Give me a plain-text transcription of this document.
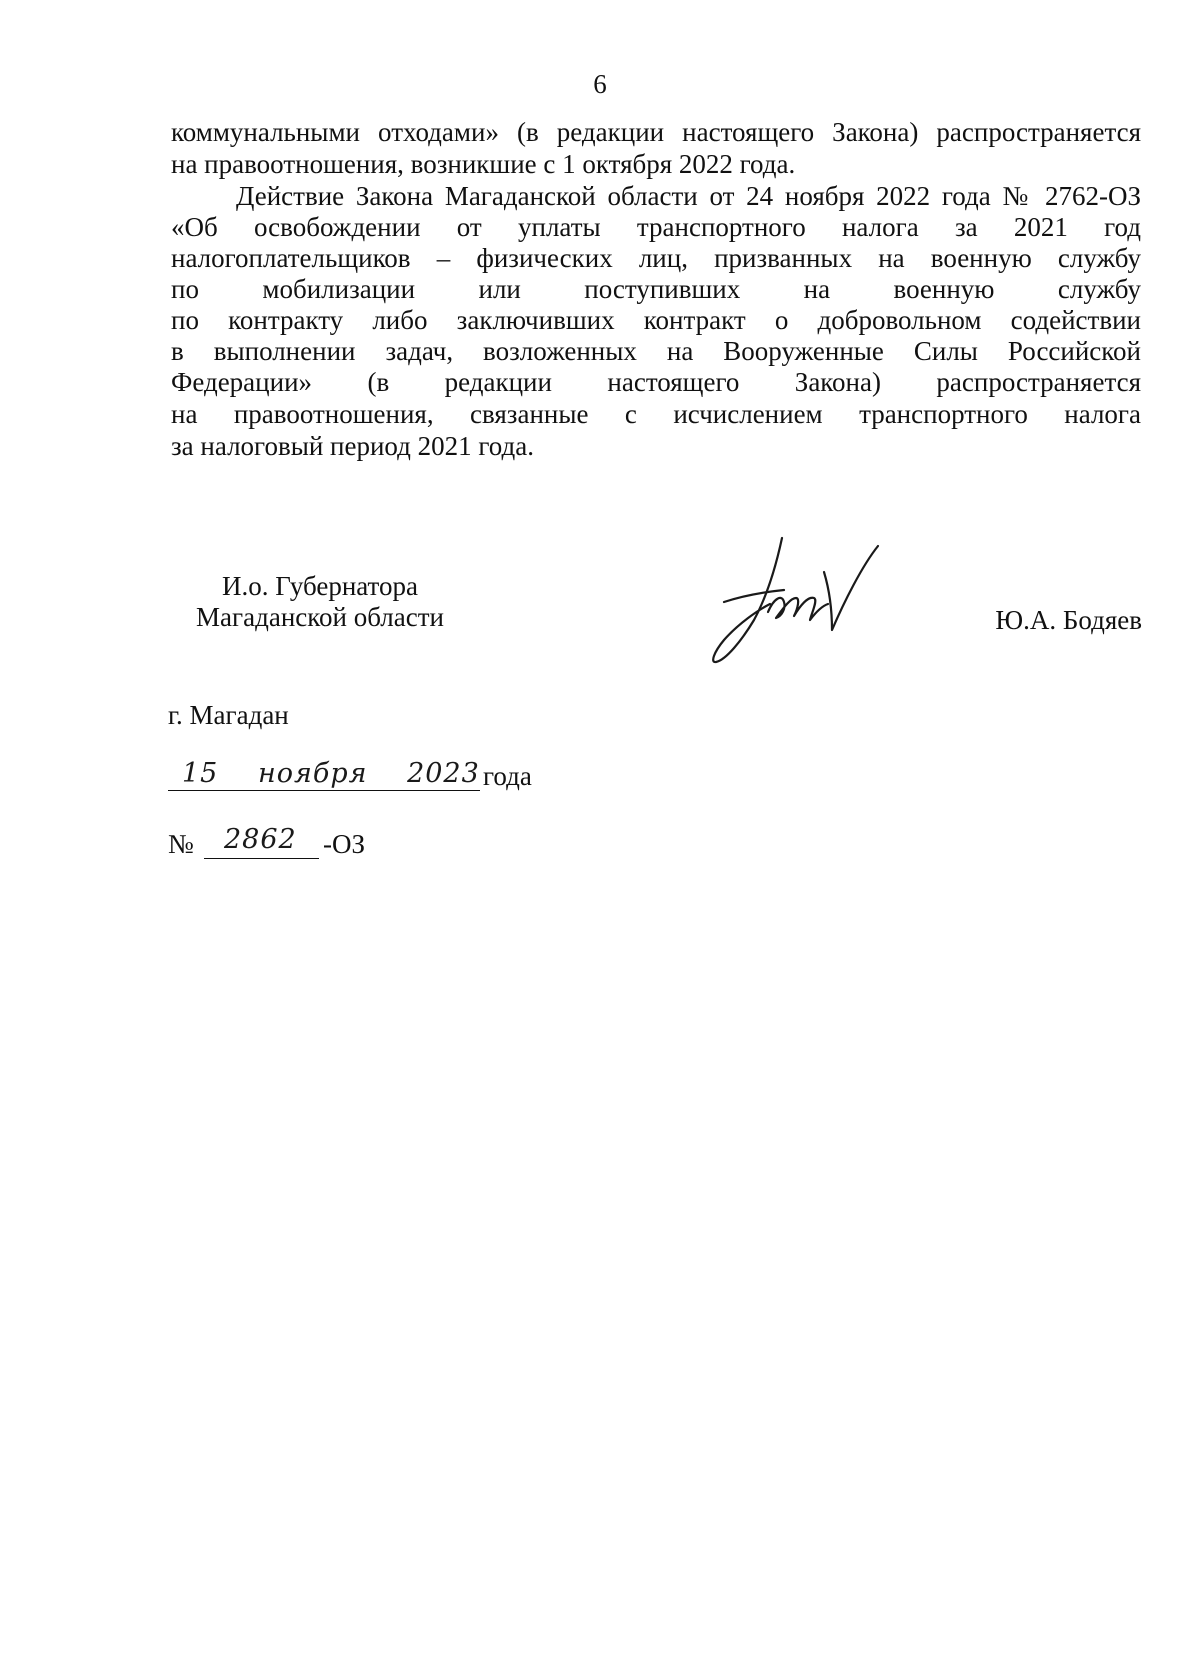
6
коммунальными отходами» (в редакции настоящего Закона) распространяется
на правоотношения, возникшие с 1 октября 2022 года.
Действие Закона Магаданской области от 24 ноября 2022 года № 2762-ОЗ
«Об освобождении от уплаты транспортного налога за 2021 год
налогоплательщиков – физических лиц, призванных на военную службу
по мобилизации или поступивших на военную службу
по контракту либо заключивших контракт о добровольном содействии
в выполнении задач, возложенных на Вооруженные Силы Российской
Федерации» (в редакции настоящего Закона) распространяется
на правоотношения, связанные с исчислением транспортного налога
за налоговый период 2021 года.
И.о. Губернатора
Магаданской области	Ю.А. Бодяев
г. Магадан
15 ноября 2023 года
№ 2862 -ОЗ
